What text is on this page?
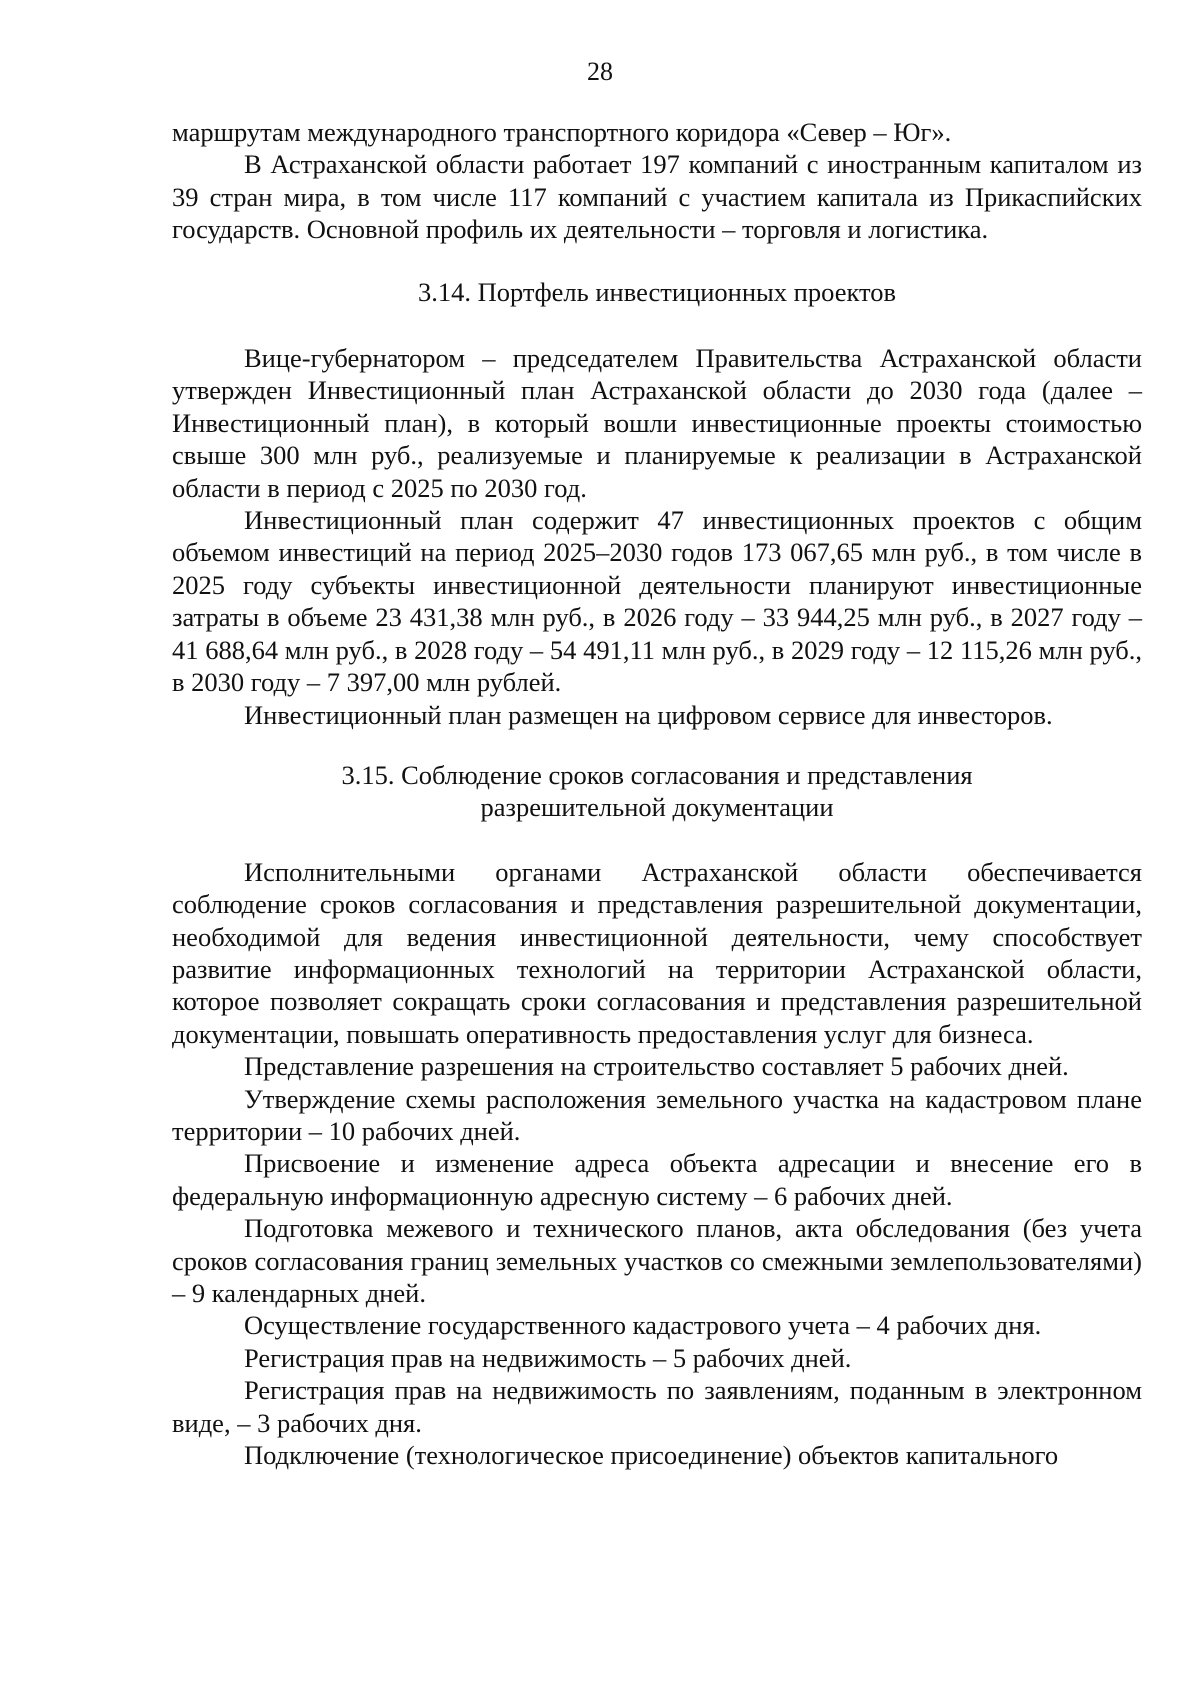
28

маршрутам международного транспортного коридора «Север – Юг».

В Астраханской области работает 197 компаний с иностранным капиталом из 39 стран мира, в том числе 117 компаний с участием капитала из Прикаспийских государств. Основной профиль их деятельности – торговля и логистика.

3.14. Портфель инвестиционных проектов

Вице-губернатором – председателем Правительства Астраханской области утвержден Инвестиционный план Астраханской области до 2030 года (далее – Инвестиционный план), в который вошли инвестиционные проекты стоимостью свыше 300 млн руб., реализуемые и планируемые к реализации в Астраханской области в период с 2025 по 2030 год.

Инвестиционный план содержит 47 инвестиционных проектов с общим объемом инвестиций на период 2025–2030 годов 173 067,65 млн руб., в том числе в 2025 году субъекты инвестиционной деятельности планируют инвестиционные затраты в объеме 23 431,38 млн руб., в 2026 году – 33 944,25 млн руб., в 2027 году – 41 688,64 млн руб., в 2028 году – 54 491,11 млн руб., в 2029 году – 12 115,26 млн руб., в 2030 году – 7 397,00 млн рублей.

Инвестиционный план размещен на цифровом сервисе для инвесторов.

3.15. Соблюдение сроков согласования и представления

разрешительной документации

Исполнительными органами Астраханской области обеспечивается соблюдение сроков согласования и представления разрешительной документации, необходимой для ведения инвестиционной деятельности, чему способствует развитие информационных технологий на территории Астраханской области, которое позволяет сокращать сроки согласования и представления разрешительной документации, повышать оперативность предоставления услуг для бизнеса.

Представление разрешения на строительство составляет 5 рабочих дней.

Утверждение схемы расположения земельного участка на кадастровом плане территории – 10 рабочих дней.

Присвоение и изменение адреса объекта адресации и внесение его в федеральную информационную адресную систему – 6 рабочих дней.

Подготовка межевого и технического планов, акта обследования (без учета сроков согласования границ земельных участков со смежными землепользователями) – 9 календарных дней.

Осуществление государственного кадастрового учета – 4 рабочих дня.

Регистрация прав на недвижимость – 5 рабочих дней.

Регистрация прав на недвижимость по заявлениям, поданным в электронном виде, – 3 рабочих дня.

Подключение (технологическое присоединение) объектов капитального
